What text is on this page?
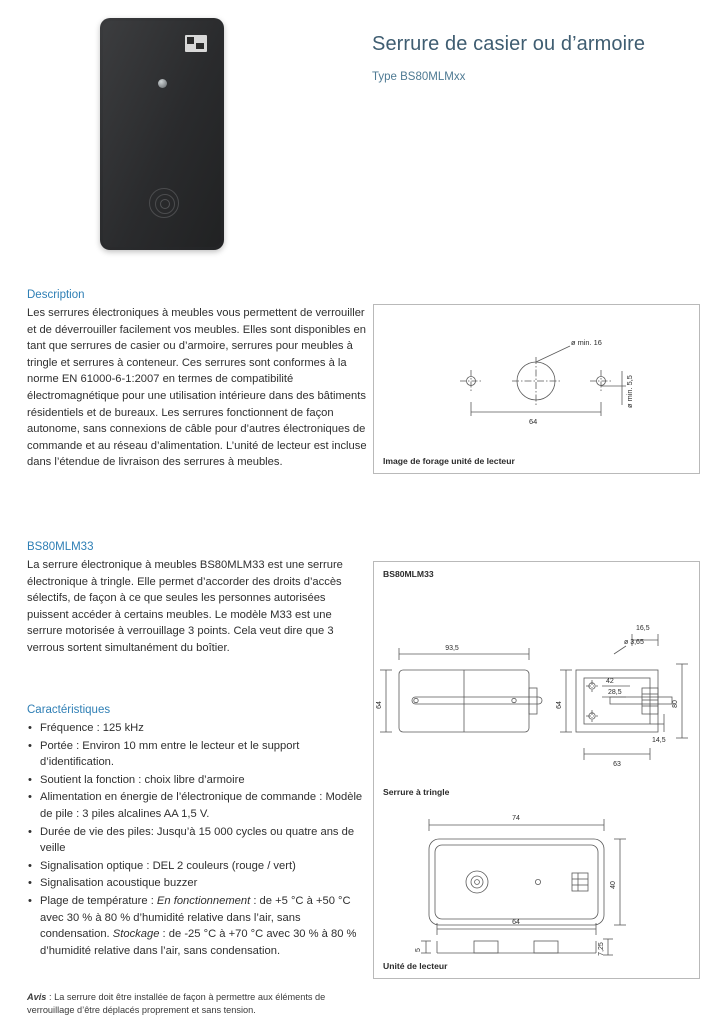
Serrure de casier ou d’armoire
Type BS80MLMxx
Description

Les serrures électroniques à meubles vous permettent de verrouiller et de déverrouiller facilement vos meubles. Elles sont disponibles en tant que serrures de casier ou d’armoire, serrures pour meubles à tringle et serrures à conteneur. Ces serrures sont conformes à la norme EN 61000-6-1:2007 en termes de compatibilité électromagnétique pour une utilisation intérieure dans des bâtiments résidentiels et de bureaux. Les serrures fonctionnent de façon autonome, sans connexions de câble pour d’autres électroniques de commande et au réseau d’alimentation. L’unité de lecteur est incluse dans l’étendue de livraison des serrures à meubles.

BS80MLM33

La serrure électronique à meubles BS80MLM33 est une serrure électronique à tringle. Elle permet d’accorder des droits d’accès sélectifs, de façon à ce que seules les personnes autorisées puissent accéder à certains meubles. Le modèle M33 est une serrure motorisée à verrouillage 3 points. Cela veut dire que 3 verrous sortent simultanément du boîtier.

Caractéristiques
• Fréquence : 125 kHz
• Portée : Environ 10 mm entre le lecteur et le support d’identification.
• Soutient la fonction : choix libre d’armoire
• Alimentation en énergie de l’électronique de commande : Modèle de pile : 3 piles alcalines AA 1,5 V.
• Durée de vie des piles: Jusqu’à 15 000 cycles ou quatre ans de veille
• Signalisation optique : DEL 2 couleurs (rouge / vert)
• Signalisation acoustique buzzer
• Plage de température : En fonctionnement : de +5 °C à +50 °C avec 30 % à 80 % d’humidité relative dans l’air, sans condensation. Stockage : de -25 °C à +70 °C avec 30 % à 80 % d’humidité relative dans l’air, sans condensation.
Avis : La serrure doit être installée de façon à permettre aux éléments de verrouillage d’être déplacés proprement et sans tension.
ø min. 16
64
ø min. 5,5
Image de forage unité de lecteur
BS80MLM33
93,5
64
16,5
ø 3,65
64	80
63
42
28,5
14,5
Serrure à tringle
74
40
64
5	7,25
Unité de lecteur
